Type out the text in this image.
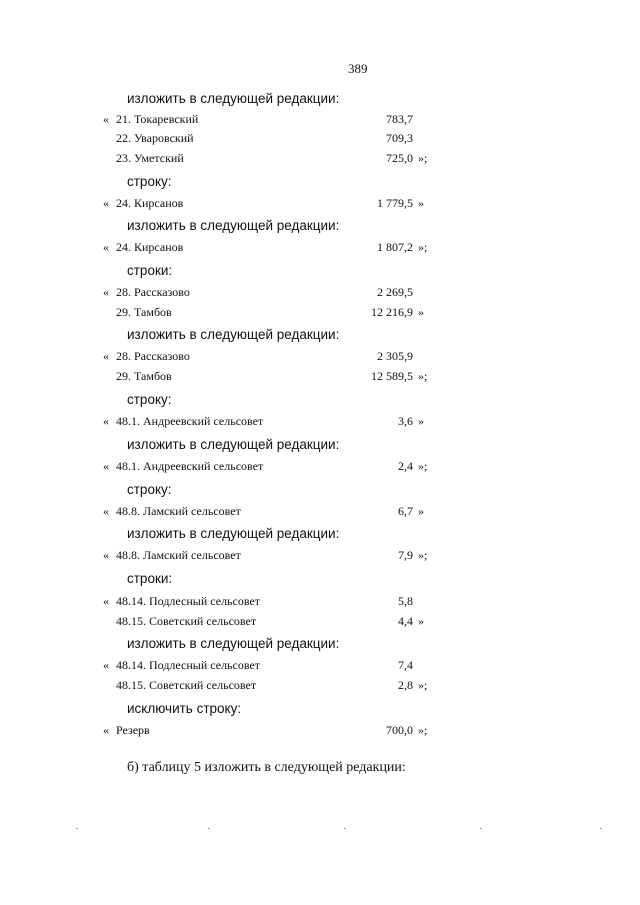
389
изложить в следующей редакции:
« 21. Токаревский	783,7
22. Уваровский	709,3
23. Уметский	725,0 »;
строку:
« 24. Кирсанов	1 779,5 »
изложить в следующей редакции:
« 24. Кирсанов	1 807,2 »;
строки:
« 28. Рассказово	2 269,5
29. Тамбов	12 216,9 »
изложить в следующей редакции:
« 28. Рассказово	2 305,9
29. Тамбов	12 589,5 »;
строку:
« 48.1. Андреевский сельсовет	3,6 »
изложить в следующей редакции:
« 48.1. Андреевский сельсовет	2,4 »;
строку:
« 48.8. Ламский сельсовет	6,7 »
изложить в следующей редакции:
« 48.8. Ламский сельсовет	7,9 »;
строки:
« 48.14. Подлесный сельсовет	5,8
48.15. Советский сельсовет	4,4 »
изложить в следующей редакции:
« 48.14. Подлесный сельсовет	7,4
48.15. Советский сельсовет	2,8 »;
исключить строку:
« Резерв	700,0 »;
б) таблицу 5 изложить в следующей редакции:
